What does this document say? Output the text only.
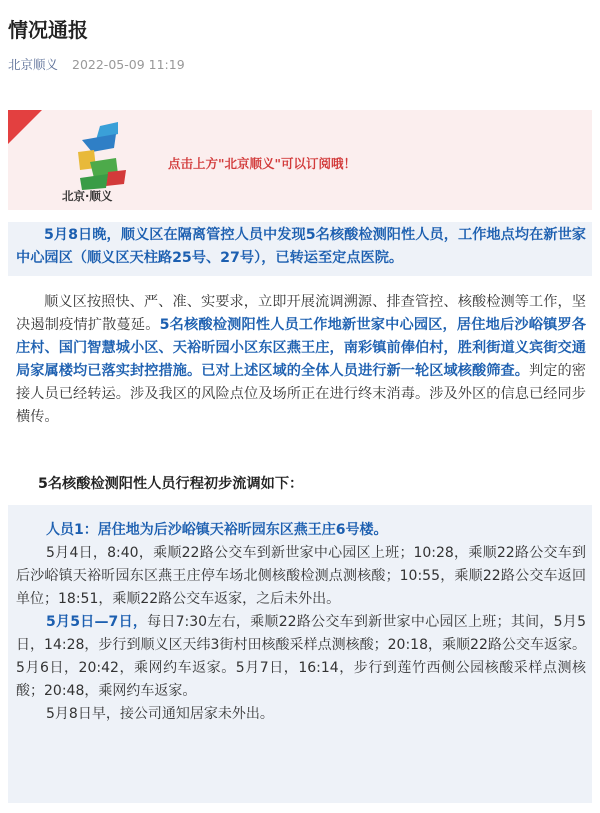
情况通报
北京顺义 2022-05-09 11:19
北京·顺义
点击上方"北京顺义"可以订阅哦！
5月8日晚，顺义区在隔离管控人员中发现5名核酸检测阳性人员，工作地点均在新世家中心园区（顺义区天柱路25号、27号），已转运至定点医院。
顺义区按照快、严、准、实要求，立即开展流调溯源、排查管控、核酸检测等工作，坚决遏制疫情扩散蔓延。5名核酸检测阳性人员工作地新世家中心园区，居住地后沙峪镇罗各庄村、国门智慧城小区、天裕昕园小区东区燕王庄，南彩镇前俸伯村，胜利街道义宾街交通局家属楼均已落实封控措施。已对上述区域的全体人员进行新一轮区域核酸筛查。判定的密接人员已经转运。涉及我区的风险点位及场所正在进行终末消毒。涉及外区的信息已经同步横传。
5名核酸检测阳性人员行程初步流调如下：

人员1：居住地为后沙峪镇天裕昕园东区燕王庄6号楼。

5月4日，8:40，乘顺22路公交车到新世家中心园区上班；10:28，乘顺22路公交车到后沙峪镇天裕昕园东区燕王庄停车场北侧核酸检测点测核酸；10:55，乘顺22路公交车返回单位；18:51，乘顺22路公交车返家，之后未外出。

5月5日—7日，每日7:30左右，乘顺22路公交车到新世家中心园区上班；其间，5月5日，14:28，步行到顺义区天纬3街村田核酸采样点测核酸；20:18，乘顺22路公交车返家。5月6日，20:42，乘网约车返家。5月7日，16:14，步行到莲竹西侧公园核酸采样点测核酸；20:48，乘网约车返家。

5月8日早，接公司通知居家未外出。
